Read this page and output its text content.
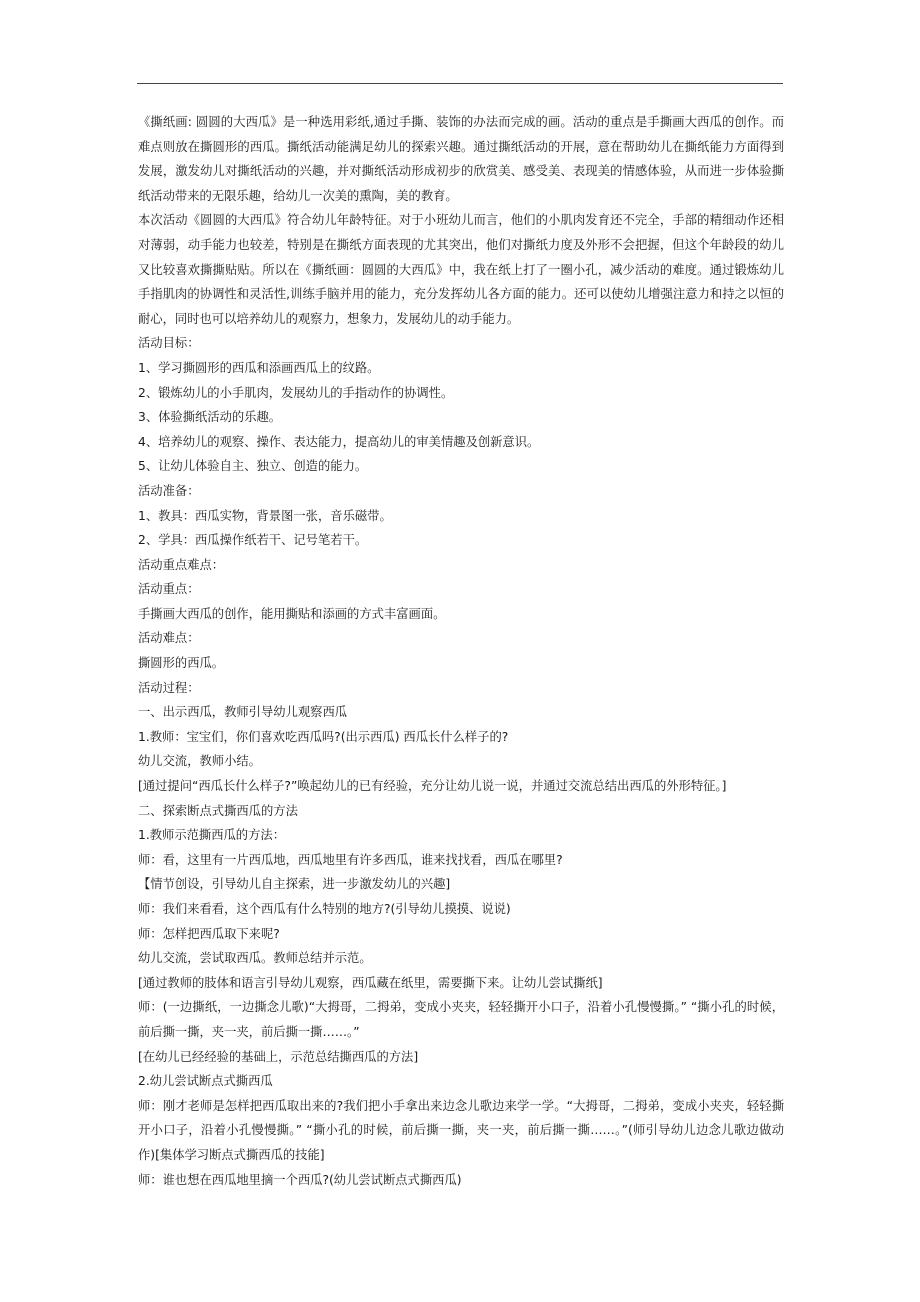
《撕纸画: 圆圆的大西瓜》是一种选用彩纸,通过手撕、装饰的办法而完成的画。活动的重点是手撕画大西瓜的创作。而
难点则放在撕圆形的西瓜。撕纸活动能满足幼儿的探索兴趣。通过撕纸活动的开展，意在帮助幼儿在撕纸能力方面得到
发展，激发幼儿对撕纸活动的兴趣，并对撕纸活动形成初步的欣赏美、感受美、表现美的情感体验，从而进一步体验撕
纸活动带来的无限乐趣，给幼儿一次美的熏陶，美的教育。
本次活动《圆圆的大西瓜》符合幼儿年龄特征。对于小班幼儿而言，他们的小肌肉发育还不完全，手部的精细动作还相
对薄弱，动手能力也较差，特别是在撕纸方面表现的尤其突出，他们对撕纸力度及外形不会把握，但这个年龄段的幼儿
又比较喜欢撕撕贴贴。所以在《撕纸画：圆圆的大西瓜》中，我在纸上打了一圈小孔，减少活动的难度。通过锻炼幼儿
手指肌肉的协调性和灵活性,训练手脑并用的能力，充分发挥幼儿各方面的能力。还可以使幼儿增强注意力和持之以恒的
耐心，同时也可以培养幼儿的观察力，想象力，发展幼儿的动手能力。
活动目标：
1、学习撕圆形的西瓜和添画西瓜上的纹路。
2、锻炼幼儿的小手肌肉，发展幼儿的手指动作的协调性。
3、体验撕纸活动的乐趣。
4、培养幼儿的观察、操作、表达能力，提高幼儿的审美情趣及创新意识。
5、让幼儿体验自主、独立、创造的能力。
活动准备：
1、教具：西瓜实物，背景图一张，音乐磁带。
2、学具：西瓜操作纸若干、记号笔若干。
活动重点难点：
活动重点：
手撕画大西瓜的创作，能用撕贴和添画的方式丰富画面。
活动难点：
撕圆形的西瓜。
活动过程：
一、出示西瓜，教师引导幼儿观察西瓜
1.教师：宝宝们，你们喜欢吃西瓜吗?(出示西瓜) 西瓜长什么样子的?
幼儿交流，教师小结。
[通过提问“西瓜长什么样子?”唤起幼儿的已有经验，充分让幼儿说一说，并通过交流总结出西瓜的外形特征。]
二、探索断点式撕西瓜的方法
1.教师示范撕西瓜的方法：
师：看，这里有一片西瓜地，西瓜地里有许多西瓜，谁来找找看，西瓜在哪里?
【情节创设，引导幼儿自主探索，进一步激发幼儿的兴趣]
师：我们来看看，这个西瓜有什么特别的地方?(引导幼儿摸摸、说说)
师：怎样把西瓜取下来呢?
幼儿交流，尝试取西瓜。教师总结并示范。
[通过教师的肢体和语言引导幼儿观察，西瓜藏在纸里，需要撕下来。让幼儿尝试撕纸]
师：(一边撕纸，一边撕念儿歌)“大拇哥，二拇弟，变成小夹夹，轻轻撕开小口子，沿着小孔慢慢撕。” “撕小孔的时候，
前后撕一撕，夹一夹，前后撕一撕……。”
[在幼儿已经经验的基础上，示范总结撕西瓜的方法]
2.幼儿尝试断点式撕西瓜
师：刚才老师是怎样把西瓜取出来的?我们把小手拿出来边念儿歌边来学一学。“大拇哥，二拇弟，变成小夹夹，轻轻撕
开小口子，沿着小孔慢慢撕。” “撕小孔的时候，前后撕一撕，夹一夹，前后撕一撕……。”(师引导幼儿边念儿歌边做动
作)[集体学习断点式撕西瓜的技能]
师：谁也想在西瓜地里摘一个西瓜?(幼儿尝试断点式撕西瓜)
